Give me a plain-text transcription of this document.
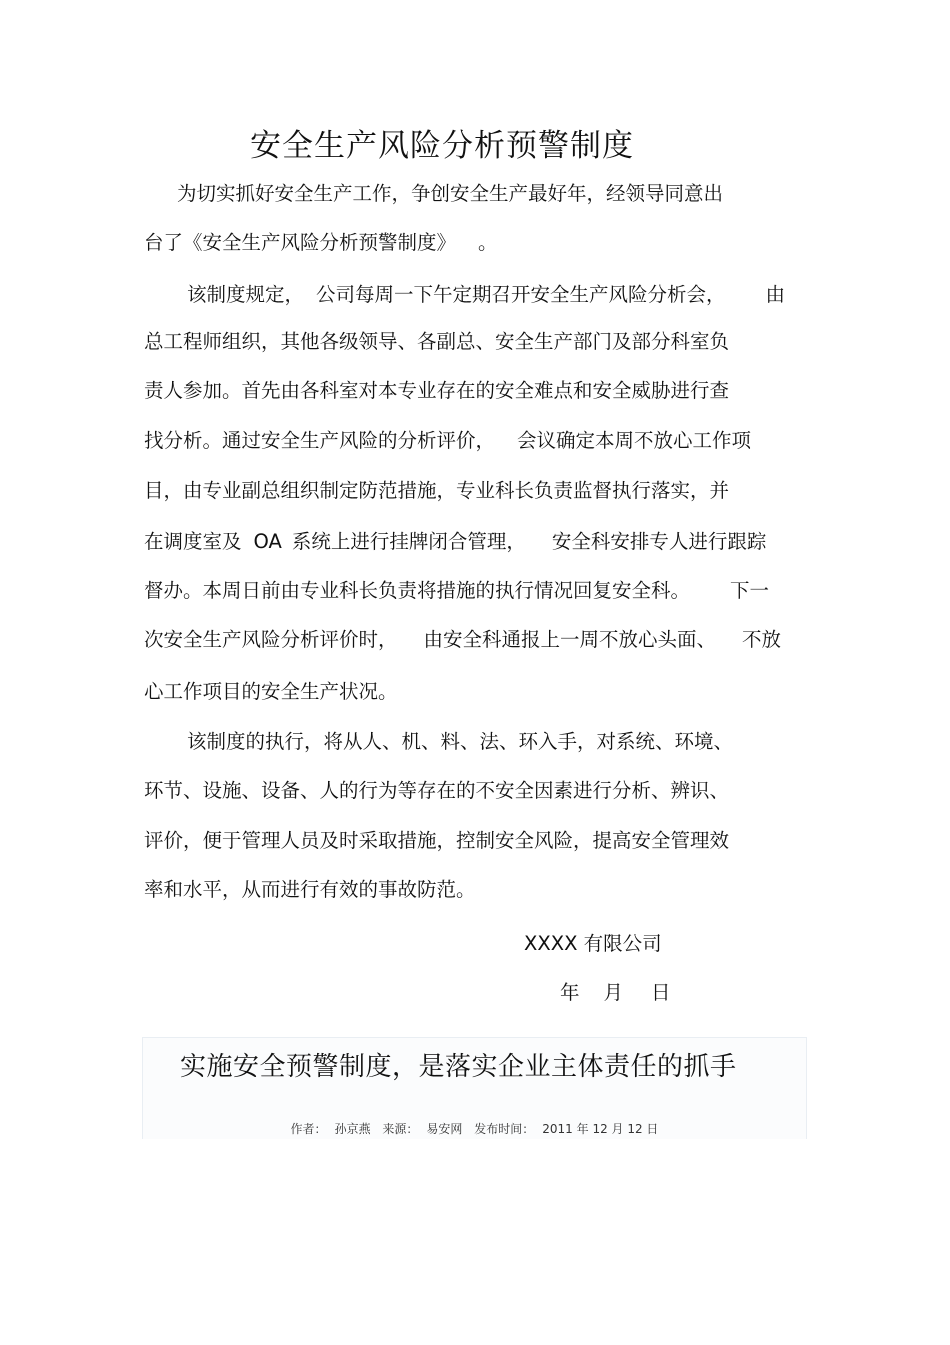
安全生产风险分析预警制度
为切实抓好安全生产工作，争创安全生产最好年，经领导同意出
台了《安全生产风险分析预警制度》 。
该制度规定， 公司每周一下午定期召开安全生产风险分析会， 由
总工程师组织，其他各级领导、各副总、安全生产部门及部分科室负
责人参加。首先由各科室对本专业存在的安全难点和安全威胁进行查
找分析。通过安全生产风险的分析评价， 会议确定本周不放心工作项
目，由专业副总组织制定防范措施，专业科长负责监督执行落实，并
在调度室及 OA 系统上进行挂牌闭合管理， 安全科安排专人进行跟踪
督办。本周日前由专业科长负责将措施的执行情况回复安全科。 下一
次安全生产风险分析评价时， 由安全科通报上一周不放心头面、 不放
心工作项目的安全生产状况。
该制度的执行，将从人、机、料、法、环入手，对系统、环境、
环节、设施、设备、人的行为等存在的不安全因素进行分析、辨识、
评价，便于管理人员及时采取措施，控制安全风险，提高安全管理效
率和水平，从而进行有效的事故防范。
XXXX 有限公司
年 月 日
实施安全预警制度，是落实企业主体责任的抓手
作者： 孙京燕 来源： 易安网 发布时间： 2011 年 12 月 12 日
